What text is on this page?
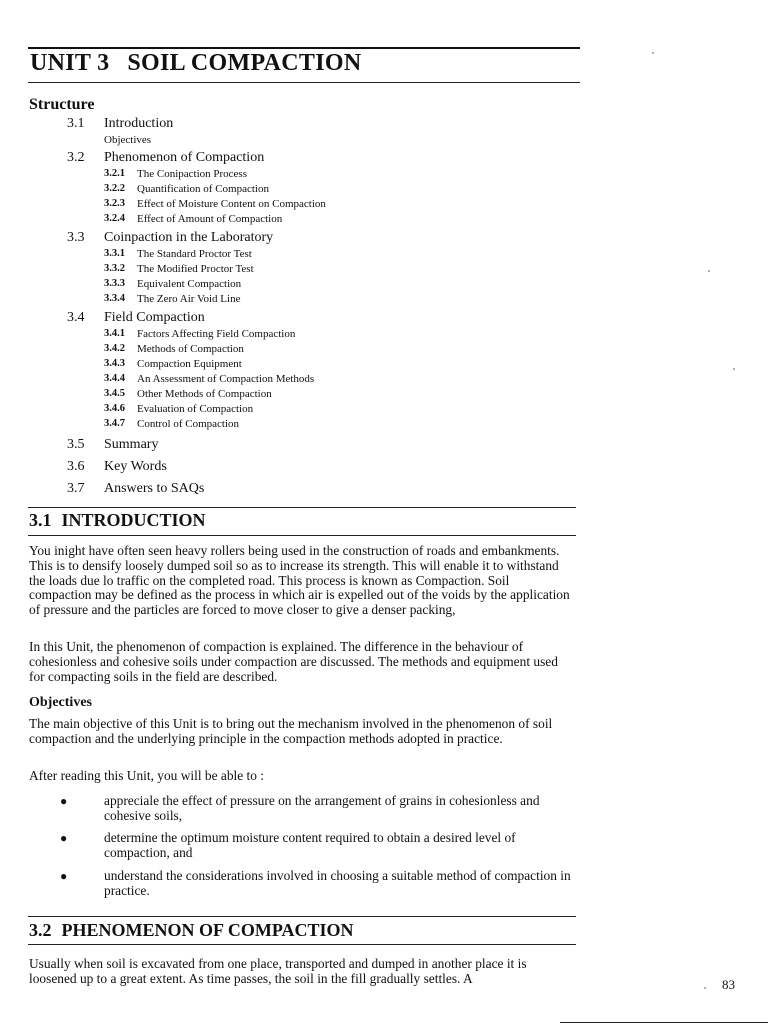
UNIT 3 SOIL COMPACTION
Structure
3.1 Introduction
Objectives
3.2 Phenomenon of Compaction
3.2.1 The Conipaction Process
3.2.2 Quantification of Compaction
3.2.3 Effect of Moisture Content on Compaction
3.2.4 Effect of Amount of Compaction
3.3 Coinpaction in the Laboratory
3.3.1 The Standard Proctor Test
3.3.2 The Modified Proctor Test
3.3.3 Equivalent Compaction
3.3.4 The Zero Air Void Line
3.4 Field Compaction
3.4.1 Factors Affecting Field Compaction
3.4.2 Methods of Compaction
3.4.3 Compaction Equipment
3.4.4 An Assessment of Compaction Methods
3.4.5 Other Methods of Compaction
3.4.6 Evaluation of Compaction
3.4.7 Control of Compaction
3.5 Summary
3.6 Key Words
3.7 Answers to SAQs
3.1 INTRODUCTION

You inight have often seen heavy rollers being used in the construction of roads and embankments. This is to densify loosely dumped soil so as to increase its strength. This will enable it to withstand the loads due lo traffic on the completed road. This process is known as Compaction. Soil compaction may be defined as the process in which air is expelled out of the voids by the application of pressure and the particles are forced to move closer to give a denser packing,

In this Unit, the phenomenon of compaction is explained. The difference in the behaviour of cohesionless and cohesive soils under compaction are discussed. The methods and equipment used for compacting soils in the field are described.

Objectives

The main objective of this Unit is to bring out the mechanism involved in the phenomenon of soil compaction and the underlying principle in the compaction methods adopted in practice.

After reading this Unit, you will be able to :

●	appreciale the effect of pressure on the arrangement of grains in cohesionless and cohesive soils,
●	determine the optimum moisture content required to obtain a desired level of compaction, and
●	understand the considerations involved in choosing a suitable method of compaction in practice.
3.2 PHENOMENON OF COMPACTION

Usually when soil is excavated from one place, transported and dumped in another place it is loosened up to a great extent. As time passes, the soil in the fill gradually settles. A	83
